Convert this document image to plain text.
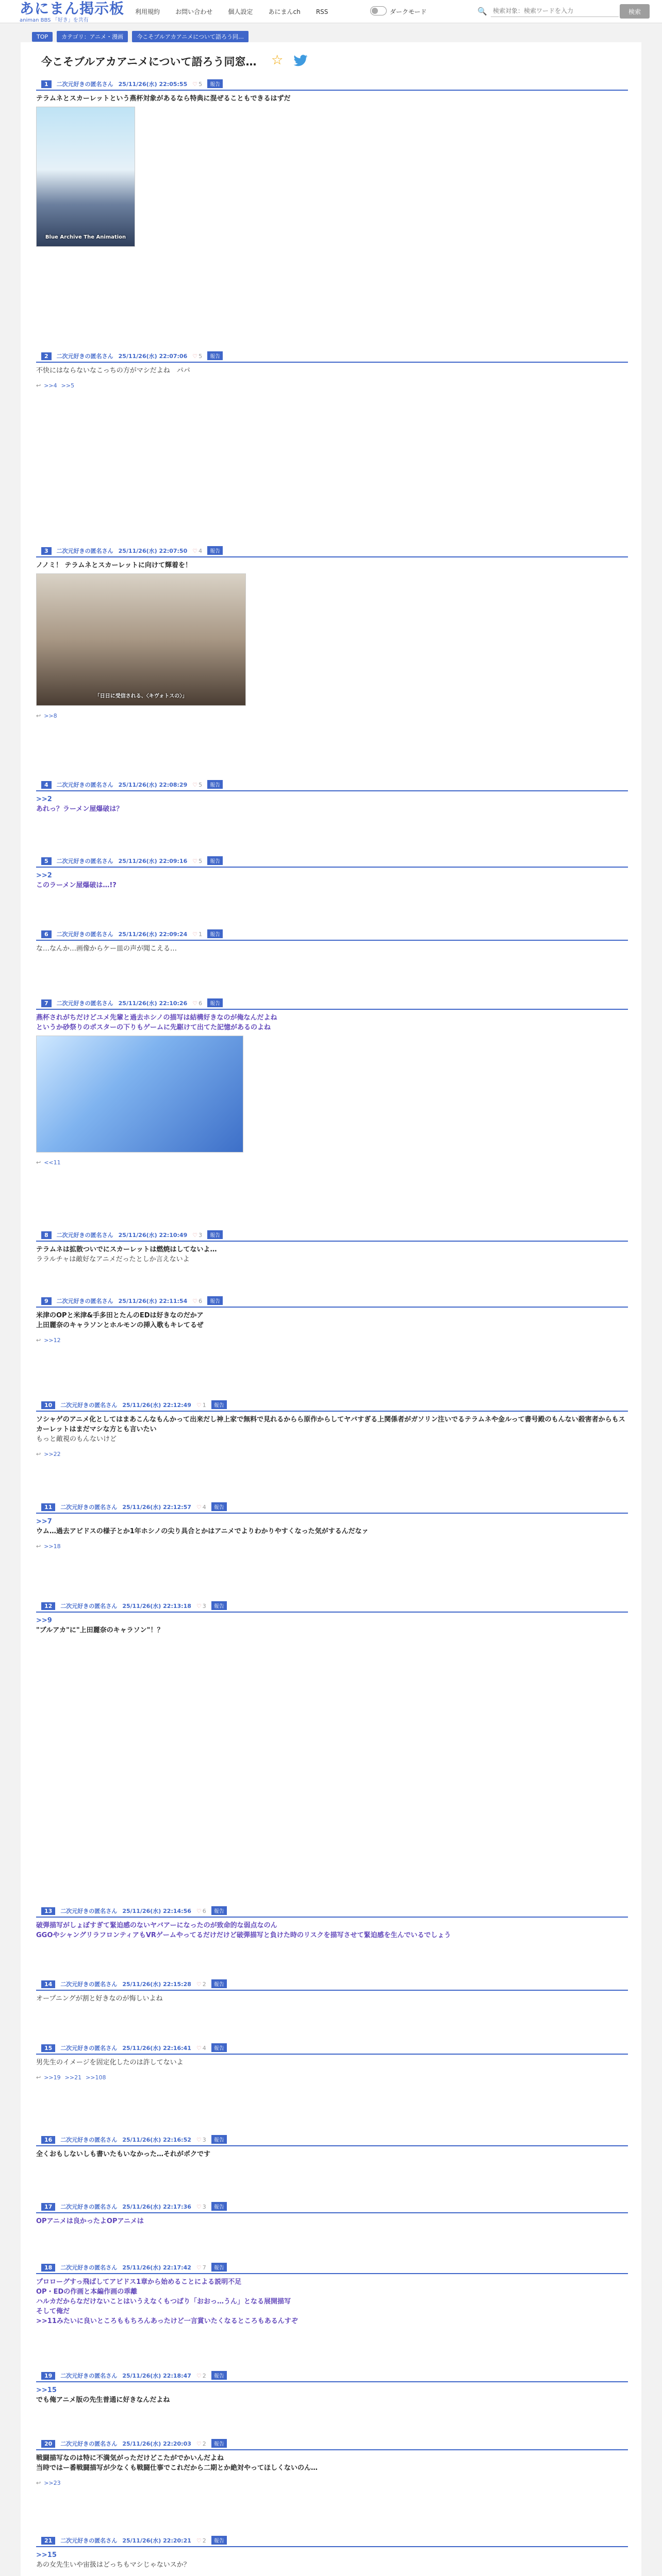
あにまん掲示板
animan BBS 「好き」を共有
利用規約	お問い合わせ	個人設定	あにまんch	RSS	ダークモード	🔍
検索対象：検索ワードを入力	検索
TOP カテゴリ：アニメ・漫画 今こそブルアカアニメについて語ろう同…
今こそブルアカアニメについて語ろう同窓… ☆
1 二次元好きの匿名さん 25/11/26(水) 22:05:55 ♡ 5 報告
テラムネとスカーレットという燕杯対象があるなら特典に混ぜることもできるはずだ
Blue Archive The Animation
2 二次元好きの匿名さん 25/11/26(水) 22:07:06 ♡ 5 報告
不快にはならないなこっちの方がマシだよね　パパ
↩ >>4 >>5
3 二次元好きの匿名さん 25/11/26(水) 22:07:50 ♡ 4 報告
ノノミ！ テラムネとスカーレットに向けて輝着を！
「日日に受信される、〈キヴォトスの〉」
↩ >>8
4 二次元好きの匿名さん 25/11/26(水) 22:08:29 ♡ 5 報告
>>2
あれっ？ラーメン屋爆破は？
5 二次元好きの匿名さん 25/11/26(水) 22:09:16 ♡ 5 報告
>>2
このラーメン屋爆破は…!?
6 二次元好きの匿名さん 25/11/26(水) 22:09:24 ♡ 1 報告
な…なんか…画像からケー皿の声が聞こえる…
7 二次元好きの匿名さん 25/11/26(水) 22:10:26 ♡ 6 報告
燕杯されがちだけどユメ先輩と過去ホシノの描写は結構好きなのが俺なんだよね
というか砂祭りのポスターの下りもゲームに先駆けて出てた記憶があるのよね
↩ <<11
8 二次元好きの匿名さん 25/11/26(水) 22:10:49 ♡ 3 報告
テラムネは拡散ついでにスカーレットは燃焼はしてないよ…
ララルチャは敵好なアニメだったとしか言えないよ
9 二次元好きの匿名さん 25/11/26(水) 22:11:54 ♡ 6 報告
米津のOPと米津&手多田とたんのEDは好きなのだかア
上田麗奈のキャラソンとホルモンの挿入歌もキレてるぜ
↩ >>12
10 二次元好きの匿名さん 25/11/26(水) 22:12:49 ♡ 1 報告
ソシャゲのアニメ化としてはまあこんなもんかって出来だし神上家で無料で見れるからら原作からしてヤバすぎる上関係者がガソリン注いでるテラムネや金ルって書号殿のもんない殺害者からもスカーレットはまだマシな方とも言いたい
もっと敵視のもんないけど
↩ >>22
11 二次元好きの匿名さん 25/11/26(水) 22:12:57 ♡ 4 報告
>>7
ウム…過去アビドスの様子とか1年ホシノの尖り具合とかはアニメでよりわかりやすくなった気がするんだなァ
↩ >>18
12 二次元好きの匿名さん 25/11/26(水) 22:13:18 ♡ 3 報告
>>9
"ブルアカ"に"上田麗奈のキャラソン"！？
13 二次元好きの匿名さん 25/11/26(水) 22:14:56 ♡ 6 報告
破弾描写がしょぼすぎて緊迫感のないヤバアーになったのが致命的な弱点なのん
GGOやシャングリラフロンティアもVRゲームやってるだけだけど破弾描写と負けた時のリスクを描写させて緊迫感を生んでいるでしょう
14 二次元好きの匿名さん 25/11/26(水) 22:15:28 ♡ 2 報告
オープニングが割と好きなのが悔しいよね
15 二次元好きの匿名さん 25/11/26(水) 22:16:41 ♡ 4 報告
男先生のイメージを固定化したのは許してないよ
↩ >>19 >>21 >>108
16 二次元好きの匿名さん 25/11/26(水) 22:16:52 ♡ 3 報告
全くおもしないしも書いたもいなかった…それがポクです
17 二次元好きの匿名さん 25/11/26(水) 22:17:36 ♡ 3 報告
OPアニメは良かったよOPアニメは
18 二次元好きの匿名さん 25/11/26(水) 22:17:42 ♡ 7 報告
プロローグすっ飛ばしてアビドス1章から始めることによる説明不足
OP・EDの作画と本編作画の乖離
ハルカだからなだけないことはいうえなくもつばり「おおっ…うん」となる展開描写
そして俺だ
>>11みたいに良いところももちろんあったけど一言賞いたくなるところもあるんすぞ
19 二次元好きの匿名さん 25/11/26(水) 22:18:47 ♡ 2 報告
>>15
でも俺アニメ版の先生普通に好きなんだよね
20 二次元好きの匿名さん 25/11/26(水) 22:20:03 ♡ 2 報告
戦闘描写なのは特に不満気がっただけどこたがでかいんだよね
当時ではー番戦闘描写が少なくも戦闘仕事でこれだから二期とか絶対やってほしくないのん…
↩ >>23
21 二次元好きの匿名さん 25/11/26(水) 22:20:21 ♡ 2 報告
>>15
あの女先生いや宙扱はどっちもマシじゃないスか？
